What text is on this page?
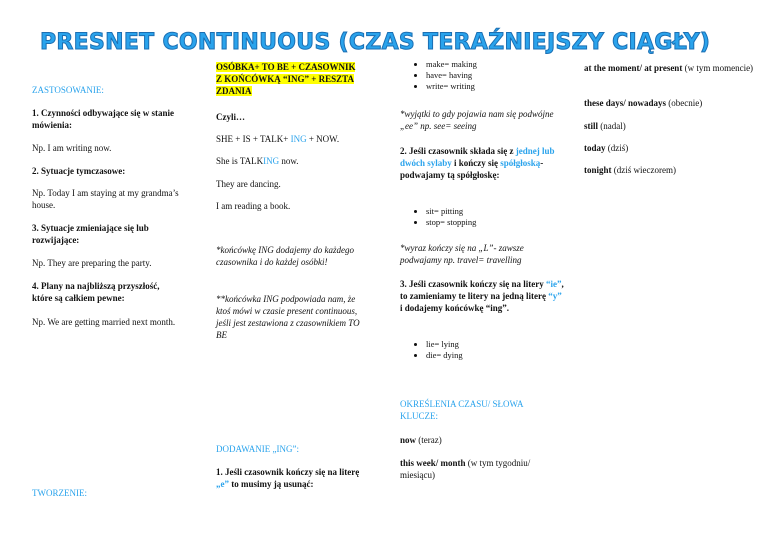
PRESNET CONTINUOUS (CZAS TERAŹNIEJSZY CIĄGŁY)
ZASTOSOWANIE:
1. Czynności odbywające się w stanie mówienia:
Np. I am writing now.
2. Sytuacje tymczasowe:
Np. Today I am staying at my grandma’s house.
3. Sytuacje zmieniające się lub rozwijające:
Np. They are preparing the party.
4. Plany na najbliższą przyszłość, które są całkiem pewne:
Np. We are getting married next month.
TWORZENIE:
OSÓBKA+ TO BE + CZASOWNIK Z KOŃCÓWKĄ “ING” + RESZTA ZDANIA
Czyli…
SHE + IS + TALK+ ING + NOW.
She is TALKING now.
They are dancing.
I am reading a book.
*końcówkę ING dodajemy do każdego czasownika i do każdej osóbki!
**końcówka ING podpowiada nam, że ktoś mówi w czasie present continuous, jeśli jest zestawiona z czasownikiem TO BE
DODAWANIE „ING”:
1. Jeśli czasownik kończy się na literę „e” to musimy ją usunąć:
• make= making
• have= having
• write= writing
*wyjątki to gdy pojawia nam się podwójne „ee” np. see= seeing
2. Jeśli czasownik składa się z jednej lub dwóch sylaby i kończy się spółgłoską- podwajamy tą spółgłoskę:
• sit= pitting
• stop= stopping
*wyraz kończy się na „L”- zawsze podwajamy np. travel= travelling
3. Jeśli czasownik kończy się na litery “ie”, to zamieniamy te litery na jedną literę “y” i dodajemy końcówkę “ing”.
• lie= lying
• die= dying
OKREŚLENIA CZASU/ SŁOWA KLUCZE:
now (teraz)
this week/ month (w tym tygodniu/ miesiącu)
at the moment/ at present (w tym momencie)
these days/ nowadays (obecnie)
still (nadal)
today (dziś)
tonight (dziś wieczorem)
